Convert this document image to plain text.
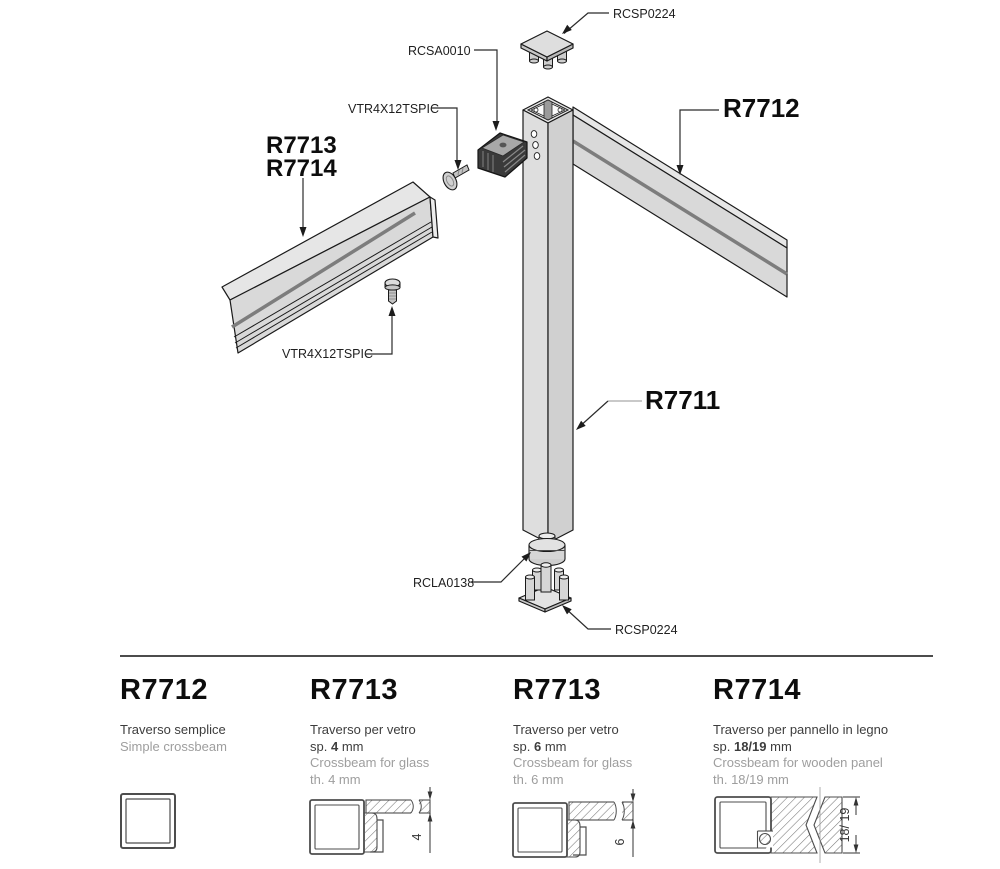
RCSP0224
RCSA0010
VTR4X12TSPIC
VTR4X12TSPIC
R7713
R7714
R7712
R7711
RCLA0138
RCSP0224
R7712
Traverso semplice
Simple crossbeam
R7713
Traverso per vetro
sp. 4 mm
Crossbeam for glass
th. 4 mm
R7713
Traverso per vetro
sp. 6 mm
Crossbeam for glass
th. 6 mm
R7714
Traverso per pannello in legno
sp. 18/19 mm
Crossbeam for wooden panel
th. 18/19 mm
4
6	18/ 19
